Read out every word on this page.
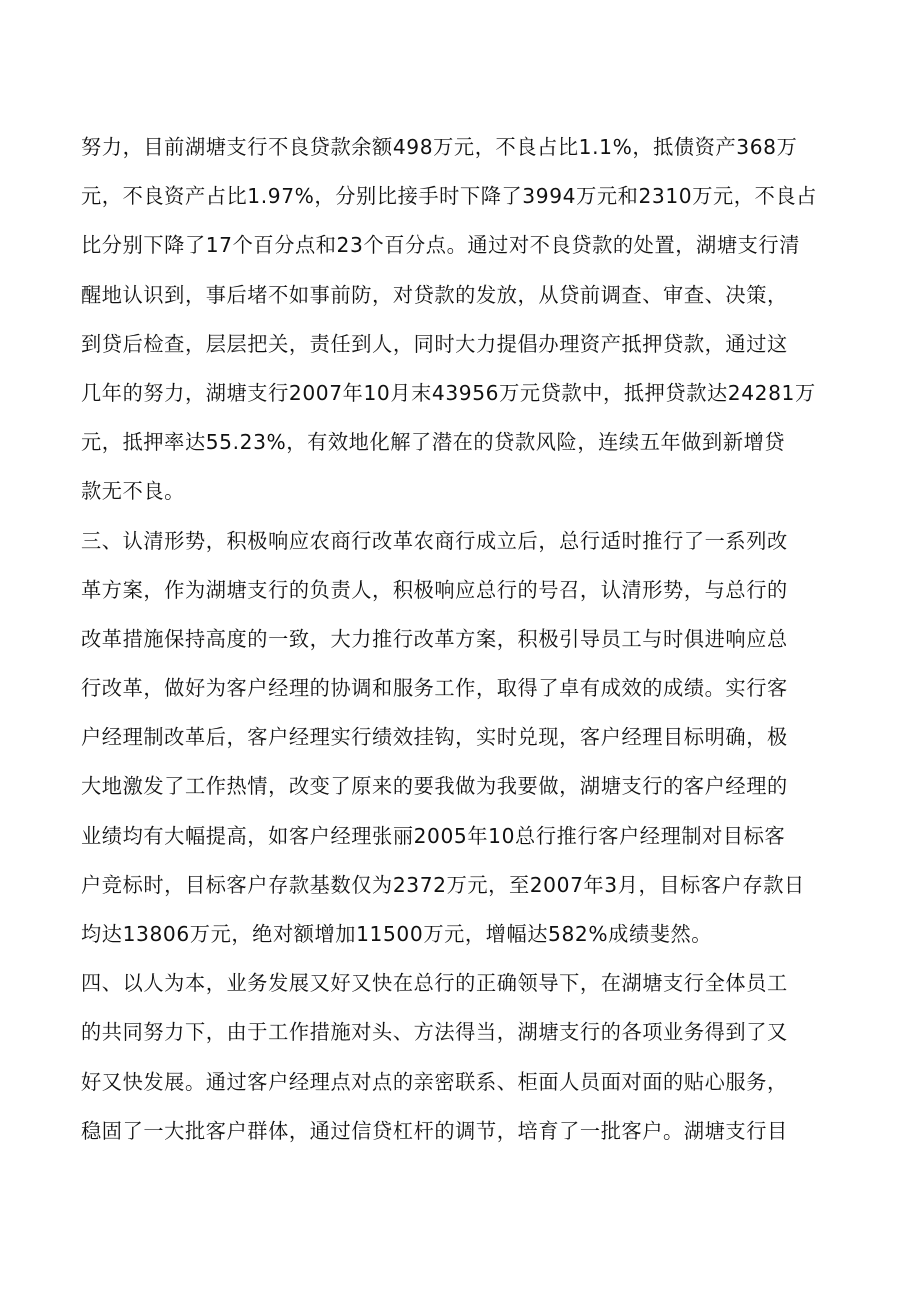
努力，目前湖塘支行不良贷款余额498万元，不良占比1.1%，抵债资产368万
元，不良资产占比1.97%，分别比接手时下降了3994万元和2310万元，不良占
比分别下降了17个百分点和23个百分点。通过对不良贷款的处置，湖塘支行清
醒地认识到，事后堵不如事前防，对贷款的发放，从贷前调查、审查、决策，
到贷后检查，层层把关，责任到人，同时大力提倡办理资产抵押贷款，通过这
几年的努力，湖塘支行2007年10月末43956万元贷款中，抵押贷款达24281万
元，抵押率达55.23%，有效地化解了潜在的贷款风险，连续五年做到新增贷
款无不良。
三、认清形势，积极响应农商行改革农商行成立后，总行适时推行了一系列改
革方案，作为湖塘支行的负责人，积极响应总行的号召，认清形势，与总行的
改革措施保持高度的一致，大力推行改革方案，积极引导员工与时俱进响应总
行改革，做好为客户经理的协调和服务工作，取得了卓有成效的成绩。实行客
户经理制改革后，客户经理实行绩效挂钩，实时兑现，客户经理目标明确，极
大地激发了工作热情，改变了原来的要我做为我要做，湖塘支行的客户经理的
业绩均有大幅提高，如客户经理张丽2005年10总行推行客户经理制对目标客
户竞标时，目标客户存款基数仅为2372万元，至2007年3月，目标客户存款日
均达13806万元，绝对额增加11500万元，增幅达582%成绩斐然。
四、以人为本，业务发展又好又快在总行的正确领导下，在湖塘支行全体员工
的共同努力下，由于工作措施对头、方法得当，湖塘支行的各项业务得到了又
好又快发展。通过客户经理点对点的亲密联系、柜面人员面对面的贴心服务，
稳固了一大批客户群体，通过信贷杠杆的调节，培育了一批客户。湖塘支行目
